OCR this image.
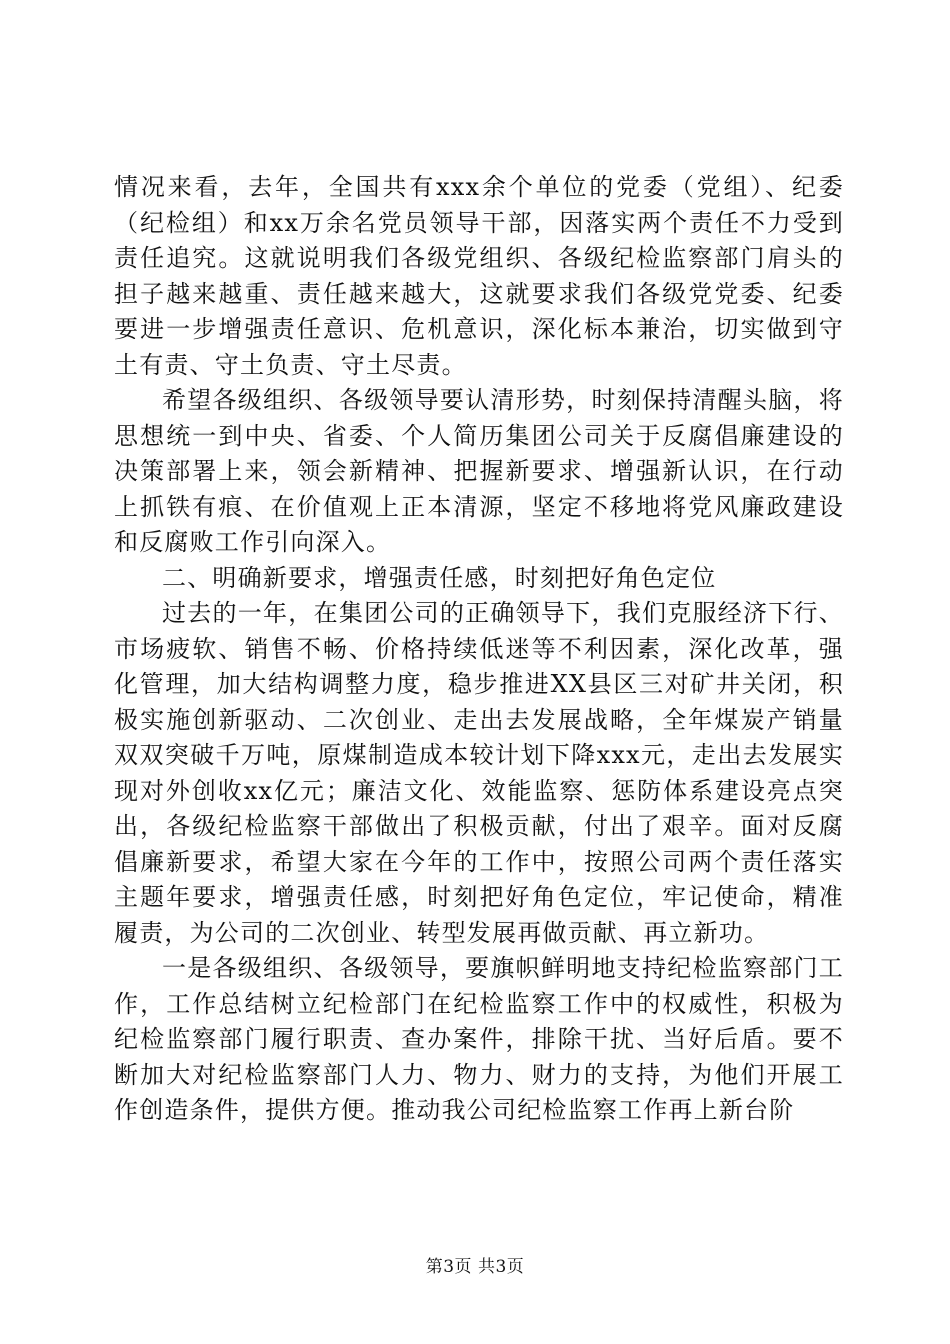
情况来看，去年，全国共有xxx余个单位的党委（党组）、纪委（纪检组）和xx万余名党员领导干部，因落实两个责任不力受到责任追究。这就说明我们各级党组织、各级纪检监察部门肩头的担子越来越重、责任越来越大，这就要求我们各级党党委、纪委要进一步增强责任意识、危机意识，深化标本兼治，切实做到守土有责、守土负责、守土尽责。

希望各级组织、各级领导要认清形势，时刻保持清醒头脑，将思想统一到中央、省委、个人简历集团公司关于反腐倡廉建设的决策部署上来，领会新精神、把握新要求、增强新认识，在行动上抓铁有痕、在价值观上正本清源，坚定不移地将党风廉政建设和反腐败工作引向深入。

二、明确新要求，增强责任感，时刻把好角色定位

过去的一年，在集团公司的正确领导下，我们克服经济下行、市场疲软、销售不畅、价格持续低迷等不利因素，深化改革，强化管理，加大结构调整力度，稳步推进XX县区三对矿井关闭，积极实施创新驱动、二次创业、走出去发展战略，全年煤炭产销量双双突破千万吨，原煤制造成本较计划下降xxx元，走出去发展实现对外创收xx亿元；廉洁文化、效能监察、惩防体系建设亮点突出，各级纪检监察干部做出了积极贡献，付出了艰辛。面对反腐倡廉新要求，希望大家在今年的工作中，按照公司两个责任落实主题年要求，增强责任感，时刻把好角色定位，牢记使命，精准履责，为公司的二次创业、转型发展再做贡献、再立新功。

一是各级组织、各级领导，要旗帜鲜明地支持纪检监察部门工作，工作总结树立纪检部门在纪检监察工作中的权威性，积极为纪检监察部门履行职责、查办案件，排除干扰、当好后盾。要不断加大对纪检监察部门人力、物力、财力的支持，为他们开展工作创造条件，提供方便。推动我公司纪检监察工作再上新台阶

第3页 共3页
